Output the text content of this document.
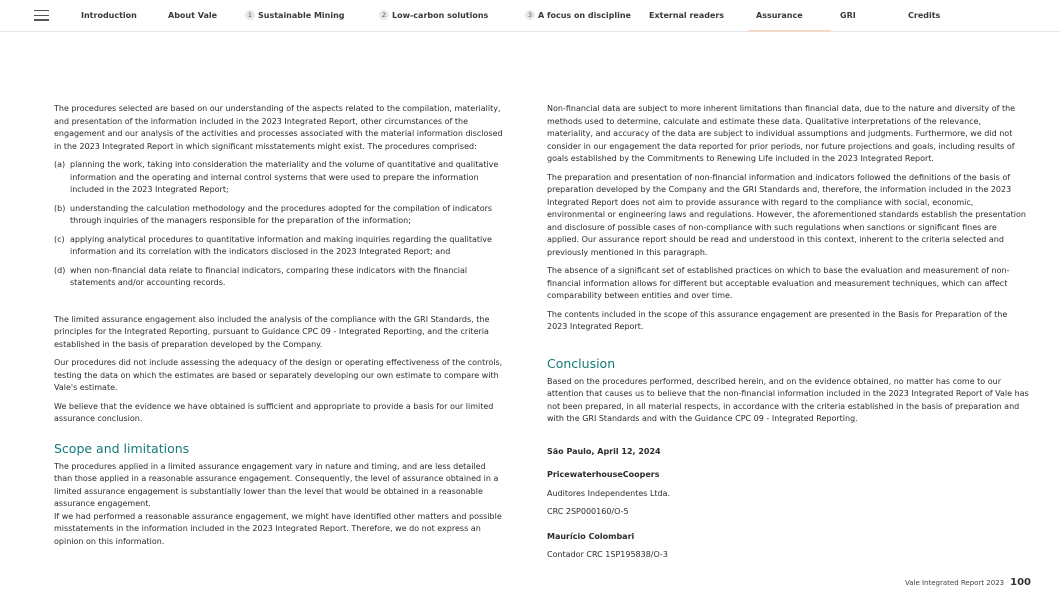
Introduction	About Vale	1 Sustainable Mining	2 Low-carbon solutions	3 A focus on discipline External readers	Assurance	GRI	Credits

The procedures selected are based on our understanding of the aspects related to the compilation, materiality, and presentation of the information included in the 2023 Integrated Report, other circumstances of the engagement and our analysis of the activities and processes associated with the material information disclosed in the 2023 Integrated Report in which significant misstatements might exist. The procedures comprised:

(a) planning the work, taking into consideration the materiality and the volume of quantitative and qualitative information and the operating and internal control systems that were used to prepare the information included in the 2023 Integrated Report;
(b) understanding the calculation methodology and the procedures adopted for the compilation of indicators through inquiries of the managers responsible for the preparation of the information;
(c) applying analytical procedures to quantitative information and making inquiries regarding the qualitative information and its correlation with the indicators disclosed in the 2023 Integrated Report; and
(d) when non-financial data relate to financial indicators, comparing these indicators with the financial statements and/or accounting records.

The limited assurance engagement also included the analysis of the compliance with the GRI Standards, the principles for the Integrated Reporting, pursuant to Guidance CPC 09 - Integrated Reporting, and the criteria established in the basis of preparation developed by the Company.

Our procedures did not include assessing the adequacy of the design or operating effectiveness of the controls, testing the data on which the estimates are based or separately developing our own estimate to compare with Vale's estimate.

We believe that the evidence we have obtained is sufficient and appropriate to provide a basis for our limited assurance conclusion.

Scope and limitations

The procedures applied in a limited assurance engagement vary in nature and timing, and are less detailed than those applied in a reasonable assurance engagement. Consequently, the level of assurance obtained in a limited assurance engagement is substantially lower than the level that would be obtained in a reasonable assurance engagement.

If we had performed a reasonable assurance engagement, we might have identified other matters and possible misstatements in the information included in the 2023 Integrated Report. Therefore, we do not express an opinion on this information.

Non-financial data are subject to more inherent limitations than financial data, due to the nature and diversity of the methods used to determine, calculate and estimate these data. Qualitative interpretations of the relevance, materiality, and accuracy of the data are subject to individual assumptions and judgments. Furthermore, we did not consider in our engagement the data reported for prior periods, nor future projections and goals, including results of goals established by the Commitments to Renewing Life included in the 2023 Integrated Report.

The preparation and presentation of non-financial information and indicators followed the definitions of the basis of preparation developed by the Company and the GRI Standards and, therefore, the information included in the 2023 Integrated Report does not aim to provide assurance with regard to the compliance with social, economic, environmental or engineering laws and regulations. However, the aforementioned standards establish the presentation and disclosure of possible cases of non-compliance with such regulations when sanctions or significant fines are applied. Our assurance report should be read and understood in this context, inherent to the criteria selected and previously mentioned in this paragraph.

The absence of a significant set of established practices on which to base the evaluation and measurement of non-financial information allows for different but acceptable evaluation and measurement techniques, which can affect comparability between entities and over time.

The contents included in the scope of this assurance engagement are presented in the Basis for Preparation of the 2023 Integrated Report.

Conclusion

Based on the procedures performed, described herein, and on the evidence obtained, no matter has come to our attention that causes us to believe that the non-financial information included in the 2023 Integrated Report of Vale has not been prepared, in all material respects, in accordance with the criteria established in the basis of preparation and with the GRI Standards and with the Guidance CPC 09 - Integrated Reporting.

São Paulo, April 12, 2024

PricewaterhouseCoopers

Auditores Independentes Ltda.

CRC 2SP000160/O-5

Maurício Colombari

Contador CRC 1SP195838/O-3

Vale Integrated Report 2023 100
